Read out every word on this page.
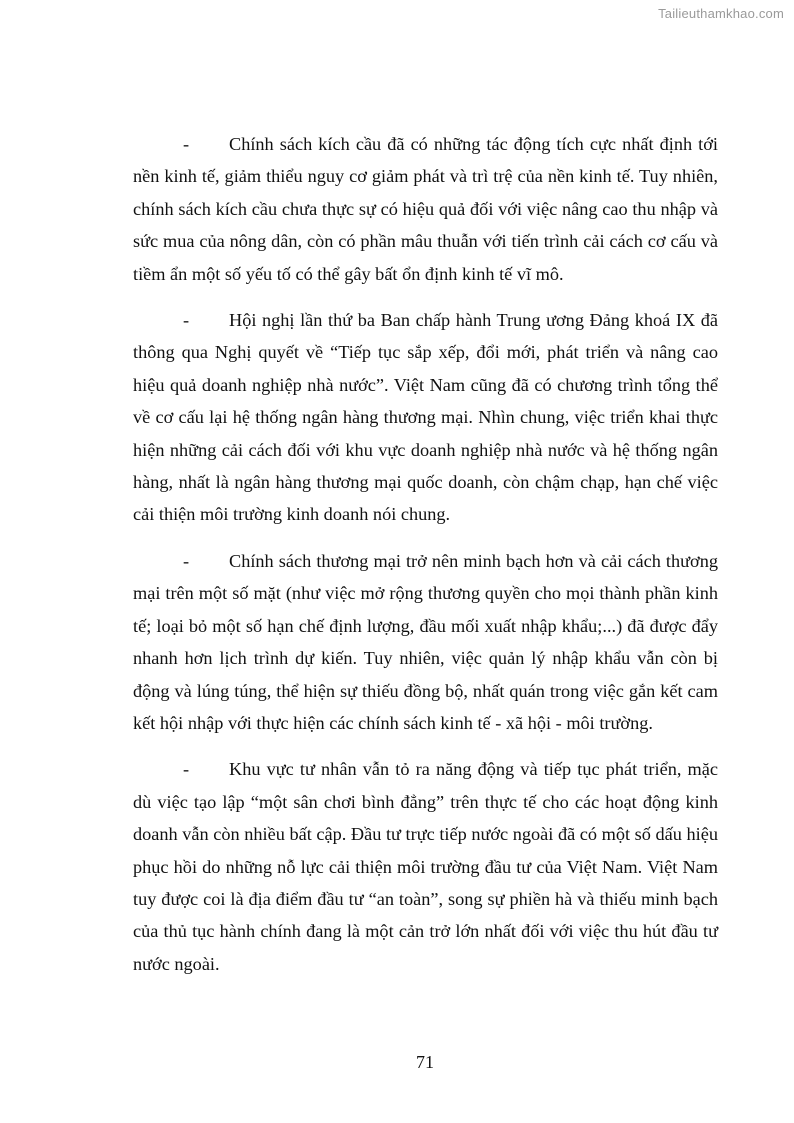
Tailieuthamkhao.com

- Chính sách kích cầu đã có những tác động tích cực nhất định tới nền kinh tế, giảm thiểu nguy cơ giảm phát và trì trệ của nền kinh tế. Tuy nhiên, chính sách kích cầu chưa thực sự có hiệu quả đối với việc nâng cao thu nhập và sức mua của nông dân, còn có phần mâu thuẫn với tiến trình cải cách cơ cấu và tiềm ẩn một số yếu tố có thể gây bất ổn định kinh tế vĩ mô.

- Hội nghị lần thứ ba Ban chấp hành Trung ương Đảng khoá IX đã thông qua Nghị quyết về “Tiếp tục sắp xếp, đổi mới, phát triển và nâng cao hiệu quả doanh nghiệp nhà nước”. Việt Nam cũng đã có chương trình tổng thể về cơ cấu lại hệ thống ngân hàng thương mại. Nhìn chung, việc triển khai thực hiện những cải cách đối với khu vực doanh nghiệp nhà nước và hệ thống ngân hàng, nhất là ngân hàng thương mại quốc doanh, còn chậm chạp, hạn chế việc cải thiện môi trường kinh doanh nói chung.

- Chính sách thương mại trở nên minh bạch hơn và cải cách thương mại trên một số mặt (như việc mở rộng thương quyền cho mọi thành phần kinh tế; loại bỏ một số hạn chế định lượng, đầu mối xuất nhập khẩu;...) đã được đẩy nhanh hơn lịch trình dự kiến. Tuy nhiên, việc quản lý nhập khẩu vẫn còn bị động và lúng túng, thể hiện sự thiếu đồng bộ, nhất quán trong việc gắn kết cam kết hội nhập với thực hiện các chính sách kinh tế - xã hội - môi trường.

- Khu vực tư nhân vẫn tỏ ra năng động và tiếp tục phát triển, mặc dù việc tạo lập “một sân chơi bình đẳng” trên thực tế cho các hoạt động kinh doanh vẫn còn nhiều bất cập. Đầu tư trực tiếp nước ngoài đã có một số dấu hiệu phục hồi do những nỗ lực cải thiện môi trường đầu tư của Việt Nam. Việt Nam tuy được coi là địa điểm đầu tư “an toàn”, song sự phiền hà và thiếu minh bạch của thủ tục hành chính đang là một cản trở lớn nhất đối với việc thu hút đầu tư nước ngoài.

71
